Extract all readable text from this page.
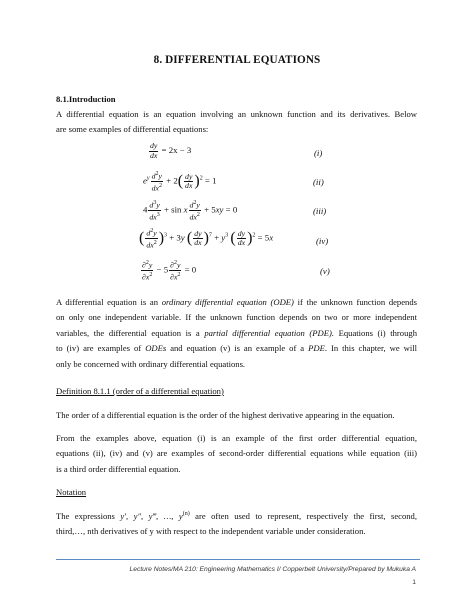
8. DIFFERENTIAL EQUATIONS
8.1.Introduction
A differential equation is an equation involving an unknown function and its derivatives. Below
are some examples of differential equations:
$\frac{dy}{dx} = 2x - 3$	(i)
$e^y \frac{d^2y}{dx^2} + 2( \frac{dy}{dx} )^2 = 1$	(ii)
$4 \frac{d^3y}{dx^3} + \sin x \frac{d^2y}{dx^2} + 5xy = 0$	(iii)
( $\frac{d^2y}{dx^2} )^3 + 3y$ ( $\frac{dy}{dx} )^7 + y^3$ ( $\frac{dy}{dx} )^2 = 5x$	(iv)
$\frac{\partial^2y}{\partial x^2} - 5 \frac{\partial^2y}{\partial x^2} = 0$	(v)
A differential equation is an ordinary differential equation (ODE) if the unknown function depends
on only one independent variable. If the unknown function depends on two or more independent
variables, the differential equation is a partial differential equation (PDE). Equations (i) through
to (iv) are examples of ODEs and equation (v) is an example of a PDE. In this chapter, we will
only be concerned with ordinary differential equations.
Definition 8.1.1 (order of a differential equation)
The order of a differential equation is the order of the highest derivative appearing in the equation.
From the examples above, equation (i) is an example of the first order differential equation,
equations (ii), (iv) and (v) are examples of second-order differential equations while equation (iii)
is a third order differential equation.
Notation
The expressions y′, y″, y‴, …, $y^{(n)}$ are often used to represent, respectively the first, second,
third,…, nth derivatives of y with respect to the independent variable under consideration.
Lecture Notes/MA 210: Engineering Mathematics I/ Copperbelt University/Prepared by Mukuka A
1
